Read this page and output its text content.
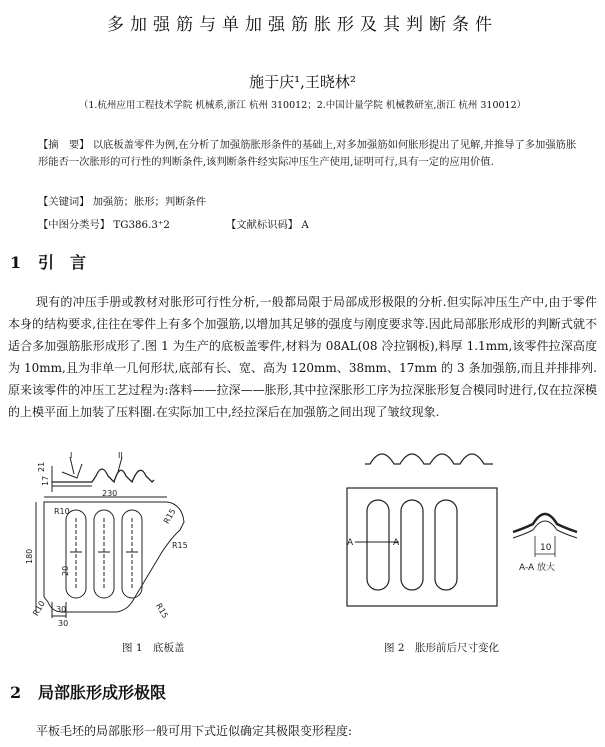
多加强筋与单加强筋胀形及其判断条件
施于庆¹,王晓林²
（1.杭州应用工程技术学院 机械系,浙江 杭州 310012；2.中国计量学院 机械教研室,浙江 杭州 310012）
【摘　要】 以底板盖零件为例,在分析了加强筋胀形条件的基础上,对多加强筋如何胀形提出了见解,并推导了多加强筋胀形能否一次胀形的可行性的判断条件,该判断条件经实际冲压生产使用,证明可行,具有一定的应用价值.
【关键词】 加强筋；胀形；判断条件
【中图分类号】 TG386.3⁺2	【文献标识码】 A
1 引　言
现有的冲压手册或教材对胀形可行性分析,一般都局限于局部成形极限的分析.但实际冲压生产中,由于零件本身的结构要求,往往在零件上有多个加强筋,以增加其足够的强度与刚度要求等.因此局部胀形成形的判断式就不适合多加强筋胀形成形了.图 1 为生产的底板盖零件,材料为 08AL(08 冷拉钢板),料厚 1.1mm,该零件拉深高度为 10mm,且为非单一几何形状,底部有长、宽、高为 120mm、38mm、17mm 的 3 条加强筋,而且并排排列.原来该零件的冲压工艺过程为:落料——拉深——胀形,其中拉深胀形工序为拉深胀形复合模同时进行,仅在拉深模的上模平面上加装了压料圈.在实际加工中,经拉深后在加强筋之间出现了皱纹现象.
230
180
17
21
I	II
R10	R15
R15
R15
R10
20
30
30
图 1　底板盖
A	A	10
A-A 放大
图 2　胀形前后尺寸变化
2 局部胀形成形极限
平板毛坯的局部胀形一般可用下式近似确定其极限变形程度:
